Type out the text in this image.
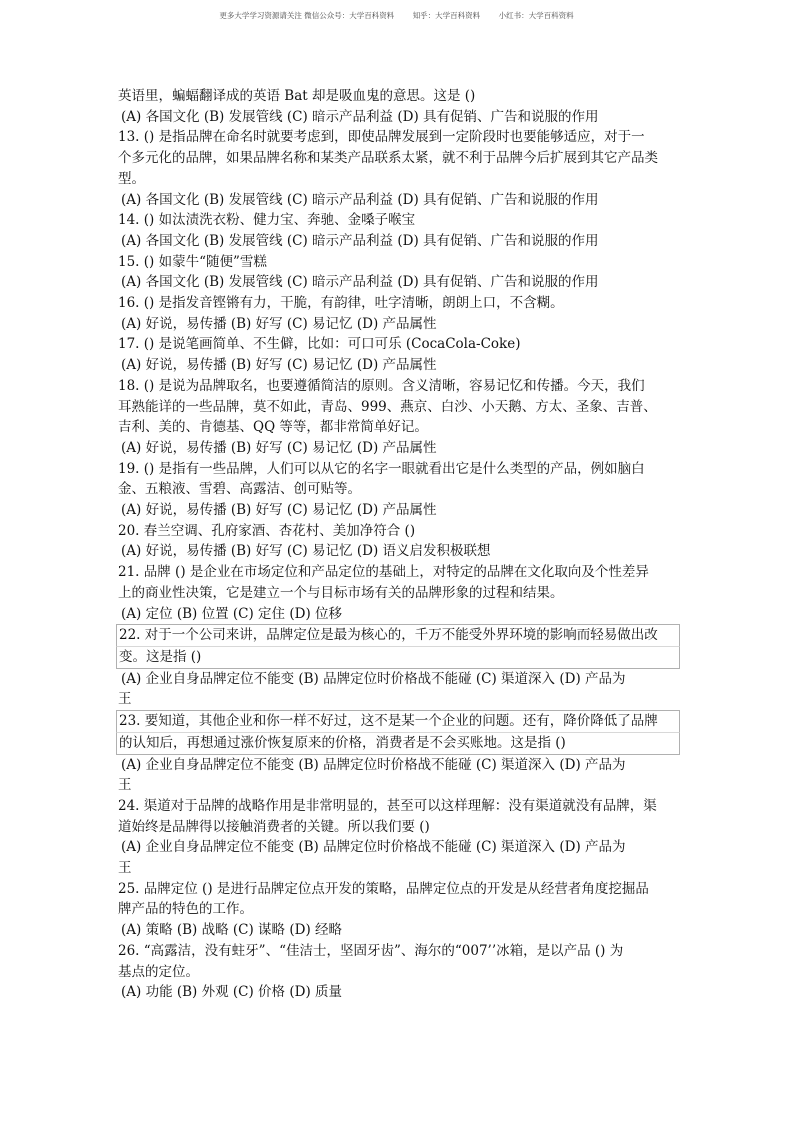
更多大学学习资源请关注 微信公众号：大学百科资料 知乎：大学百科资料 小红书：大学百科资料
英语里，蝙蝠翻译成的英语 Bat 却是吸血鬼的意思。这是 ()
(A) 各国文化 (B) 发展管线 (C) 暗示产品利益 (D) 具有促销、广告和说服的作用
13. () 是指品牌在命名时就要考虑到，即使品牌发展到一定阶段时也要能够适应，对于一
个多元化的品牌，如果品牌名称和某类产品联系太紧，就不利于品牌今后扩展到其它产品类
型。
(A) 各国文化 (B) 发展管线 (C) 暗示产品利益 (D) 具有促销、广告和说服的作用
14. () 如汰渍洗衣粉、健力宝、奔驰、金嗓子喉宝
(A) 各国文化 (B) 发展管线 (C) 暗示产品利益 (D) 具有促销、广告和说服的作用
15. () 如蒙牛“随便”雪糕
(A) 各国文化 (B) 发展管线 (C) 暗示产品利益 (D) 具有促销、广告和说服的作用
16. () 是指发音铿锵有力，干脆，有韵律，吐字清晰，朗朗上口，不含糊。
(A) 好说，易传播 (B) 好写 (C) 易记忆 (D) 产品属性
17. () 是说笔画简单、不生僻，比如：可口可乐 (CocaCola-Coke)
(A) 好说，易传播 (B) 好写 (C) 易记忆 (D) 产品属性
18. () 是说为品牌取名，也要遵循简洁的原则。含义清晰，容易记忆和传播。今天，我们
耳熟能详的一些品牌，莫不如此，青岛、999、燕京、白沙、小天鹅、方太、圣象、吉普、
吉利、美的、肯德基、QQ 等等，都非常简单好记。
(A) 好说，易传播 (B) 好写 (C) 易记忆 (D) 产品属性
19. () 是指有一些品牌，人们可以从它的名字一眼就看出它是什么类型的产品，例如脑白
金、五粮液、雪碧、高露洁、创可贴等。
(A) 好说，易传播 (B) 好写 (C) 易记忆 (D) 产品属性
20. 春兰空调、孔府家酒、杏花村、美加净符合 ()
(A) 好说，易传播 (B) 好写 (C) 易记忆 (D) 语义启发积极联想
21. 品牌 () 是企业在市场定位和产品定位的基础上，对特定的品牌在文化取向及个性差异
上的商业性决策，它是建立一个与目标市场有关的品牌形象的过程和结果。
(A) 定位 (B) 位置 (C) 定住 (D) 位移
22. 对于一个公司来讲，品牌定位是最为核心的，千万不能受外界环境的影响而轻易做出改
变。这是指 ()
(A) 企业自身品牌定位不能变 (B) 品牌定位时价格战不能碰 (C) 渠道深入 (D) 产品为
王
23. 要知道，其他企业和你一样不好过，这不是某一个企业的问题。还有，降价降低了品牌
的认知后，再想通过涨价恢复原来的价格，消费者是不会买账地。这是指 ()
(A) 企业自身品牌定位不能变 (B) 品牌定位时价格战不能碰 (C) 渠道深入 (D) 产品为
王
24. 渠道对于品牌的战略作用是非常明显的，甚至可以这样理解：没有渠道就没有品牌，渠
道始终是品牌得以接触消费者的关键。所以我们要 ()
(A) 企业自身品牌定位不能变 (B) 品牌定位时价格战不能碰 (C) 渠道深入 (D) 产品为
王
25. 品牌定位 () 是进行品牌定位点开发的策略，品牌定位点的开发是从经营者角度挖掘品
牌产品的特色的工作。
(A) 策略 (B) 战略 (C) 谋略 (D) 经略
26. “高露洁，没有蛀牙”、“佳洁士，坚固牙齿”、海尔的“007’’冰箱，是以产品 () 为
基点的定位。
(A) 功能 (B) 外观 (C) 价格 (D) 质量
